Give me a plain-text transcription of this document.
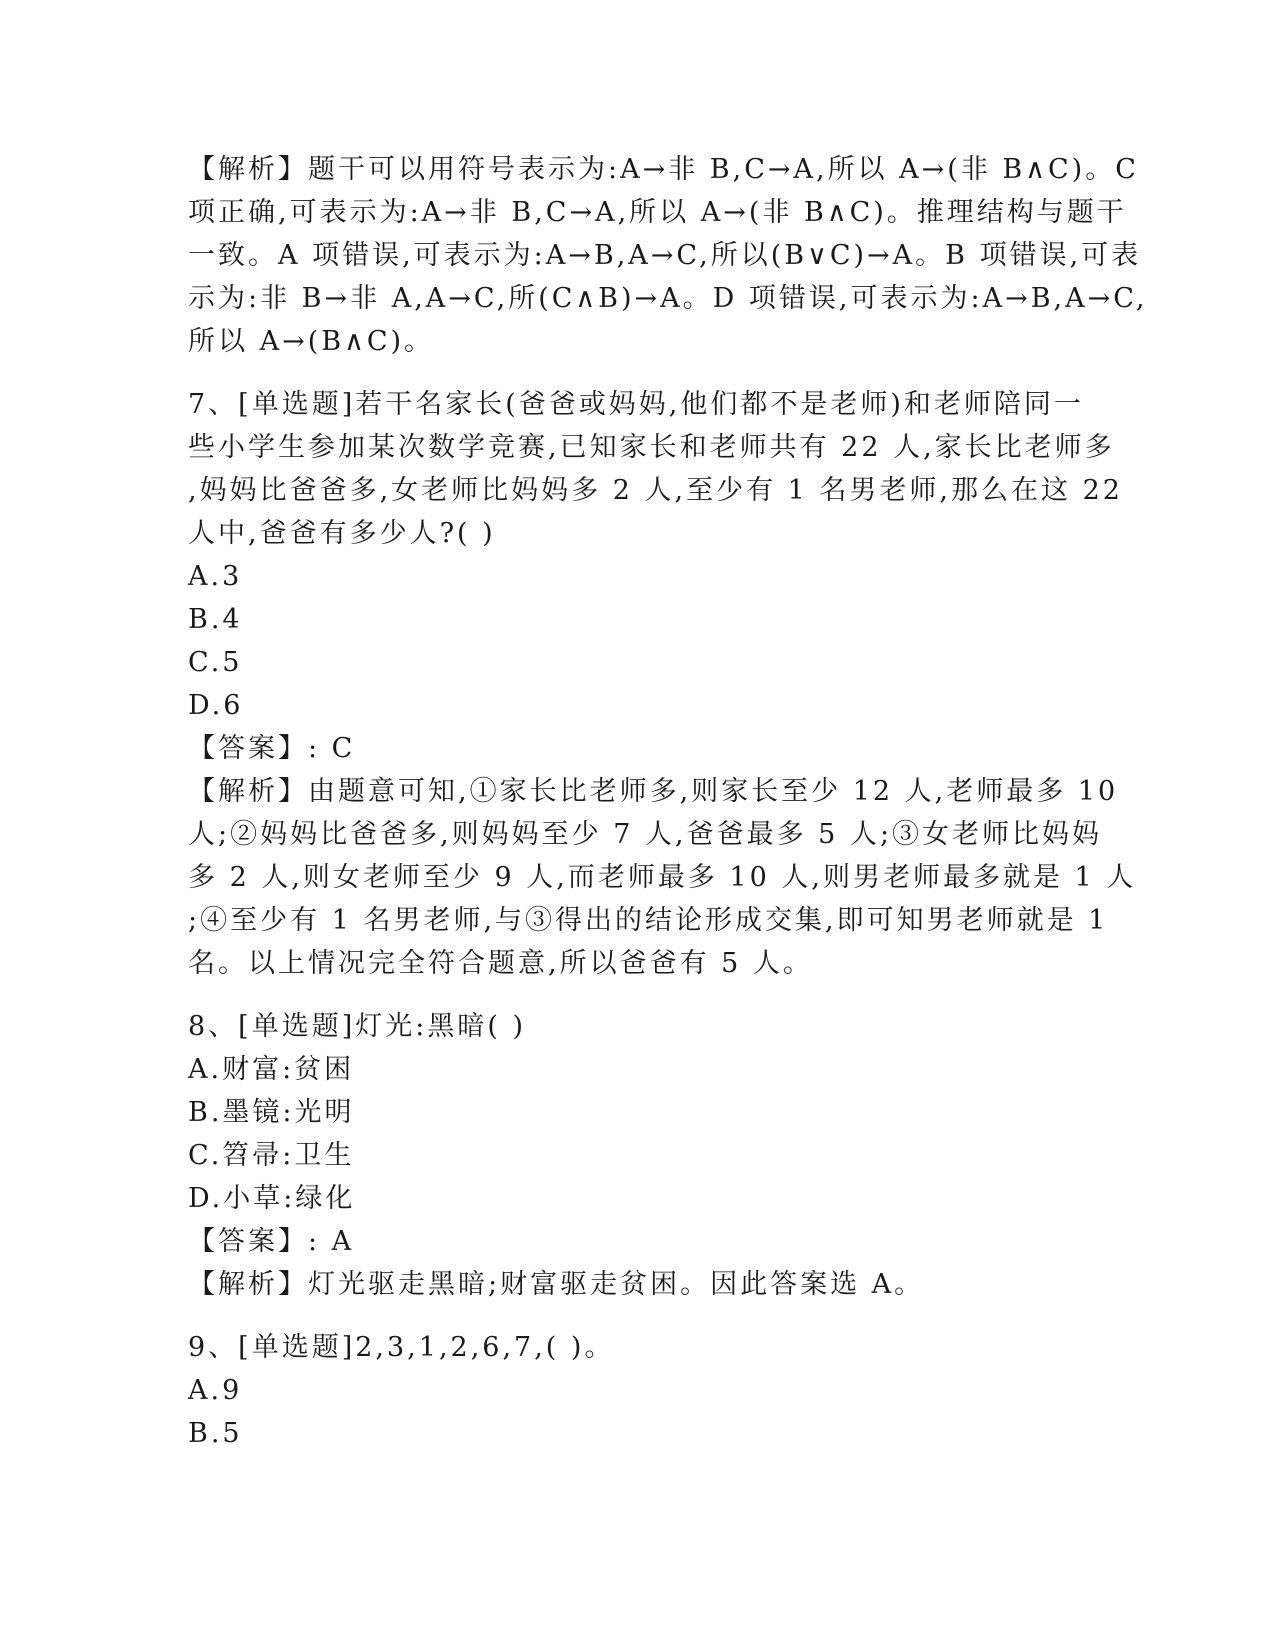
【解析】题干可以用符号表示为:A→非 B,C→A,所以 A→(非 B∧C)。C
项正确,可表示为:A→非 B,C→A,所以 A→(非 B∧C)。推理结构与题干
一致。A 项错误,可表示为:A→B,A→C,所以(B∨C)→A。B 项错误,可表
示为:非 B→非 A,A→C,所(C∧B)→A。D 项错误,可表示为:A→B,A→C,
所以 A→(B∧C)。
7、[单选题]若干名家长(爸爸或妈妈,他们都不是老师)和老师陪同一
些小学生参加某次数学竞赛,已知家长和老师共有 22 人,家长比老师多
,妈妈比爸爸多,女老师比妈妈多 2 人,至少有 1 名男老师,那么在这 22
人中,爸爸有多少人?( )
A.3
B.4
C.5
D.6
【答案】: C
【解析】由题意可知,①家长比老师多,则家长至少 12 人,老师最多 10
人;②妈妈比爸爸多,则妈妈至少 7 人,爸爸最多 5 人;③女老师比妈妈
多 2 人,则女老师至少 9 人,而老师最多 10 人,则男老师最多就是 1 人
;④至少有 1 名男老师,与③得出的结论形成交集,即可知男老师就是 1
名。以上情况完全符合题意,所以爸爸有 5 人。
8、[单选题]灯光:黑暗( )
A.财富:贫困
B.墨镜:光明
C.笤帚:卫生
D.小草:绿化
【答案】: A
【解析】灯光驱走黑暗;财富驱走贫困。因此答案选 A。
9、[单选题]2,3,1,2,6,7,( )。
A.9
B.5
